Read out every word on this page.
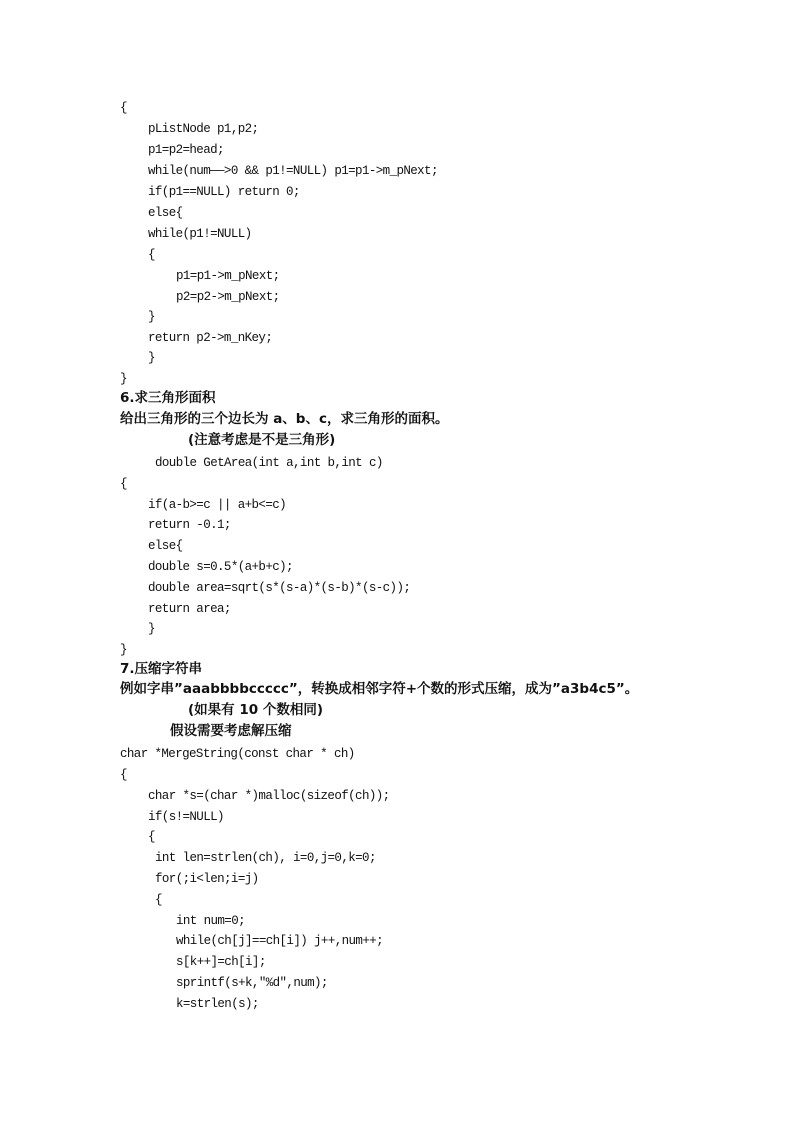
{
pListNode p1,p2;
p1=p2=head;
while(num——>0 && p1!=NULL) p1=p1->m_pNext;
if(p1==NULL) return 0;
else{
while(p1!=NULL)
{
p1=p1->m_pNext;
p2=p2->m_pNext;
}
return p2->m_nKey;
}
}
6.求三角形面积
给出三角形的三个边长为 a、b、c，求三角形的面积。
(注意考虑是不是三角形)
double GetArea(int a,int b,int c)
{
if(a-b>=c || a+b<=c)
return -0.1;
else{
double s=0.5*(a+b+c);
double area=sqrt(s*(s-a)*(s-b)*(s-c));
return area;
}
}
7.压缩字符串
例如字串”aaabbbbccccc”，转换成相邻字符+个数的形式压缩，成为”a3b4c5”。
(如果有 10 个数相同)
假设需要考虑解压缩
char *MergeString(const char * ch)
{
char *s=(char *)malloc(sizeof(ch));
if(s!=NULL)
{
int len=strlen(ch), i=0,j=0,k=0;
for(;i<len;i=j)
{
int num=0;
while(ch[j]==ch[i]) j++,num++;
s[k++]=ch[i];
sprintf(s+k,"%d",num);
k=strlen(s);
